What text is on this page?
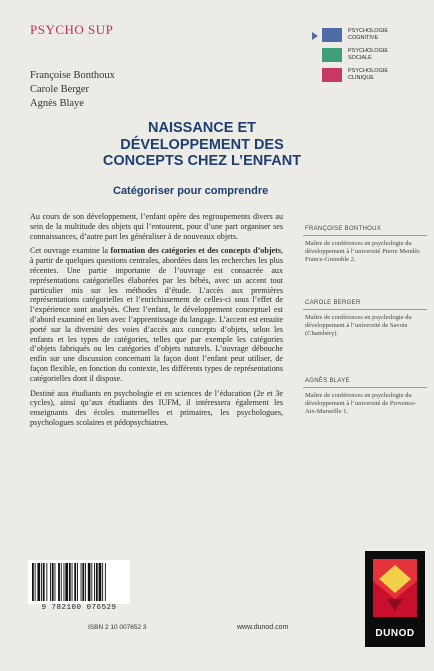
PSYCHO SUP	PSYCHOLOGIE COGNITIVE
PSYCHOLOGIE SOCIALE
PSYCHOLOGIE CLINIQUE
Françoise Bonthoux
Carole Berger
Agnès Blaye
NAISSANCE ET
DÉVELOPPEMENT DES
CONCEPTS CHEZ L’ENFANT
Catégoriser pour comprendre

Au cours de son développement, l’enfant opère des regroupements divers au sein de la multitude des objets qui l’entourent, pour d’une part organiser ses connaissances, d’autre part les généraliser à de nouveaux objets.

Cet ouvrage examine la formation des catégories et des concepts d’objets, à partir de quelques questions centrales, abordées dans les recherches les plus récentes. Une partie importante de l’ouvrage est consacrée aux représentations catégorielles élaborées par les bébés, avec un accent tout particulier mis sur les méthodes d’étude. L’accès aux premières représentations catégorielles et l’enrichissement de celles-ci sous l’effet de l’expérience sont analysés. Chez l’enfant, le développement conceptuel est d’abord examiné en lien avec l’apprentissage du langage. L’accent est ensuite porté sur la diversité des voies d’accès aux concepts d’objets, selon les enfants et les types de catégories, telles que par exemple les catégories d’objets fabriqués ou les catégories d’objets naturels. L’ouvrage débouche enfin sur une discussion concernant la façon dont l’enfant peut utiliser, de façon flexible, en fonction du contexte, les différents types de représentations catégorielles dont il dispose.

Destiné aux étudiants en psychologie et en sciences de l’éducation (2e et 3e cycles), ainsi qu’aux étudiants des IUFM, il intéressera également les enseignants des écoles maternelles et primaires, les psychologues, psychologues scolaires et pédopsychiatres.

FRANÇOISE BONTHOUX
Maître de conférences en psychologie du développement à l’université Pierre Mendès France-Grenoble 2.
CAROLE BERGER
Maître de conférences en psychologie du développement à l’université de Savoie (Chambéry).
AGNÈS BLAYE
Maître de conférences en psychologie du développement à l’université de Provence-Aix-Marseille 1.
9 782100 076529
ISBN 2 10 007652 3	www.dunod.com
DUNOD
